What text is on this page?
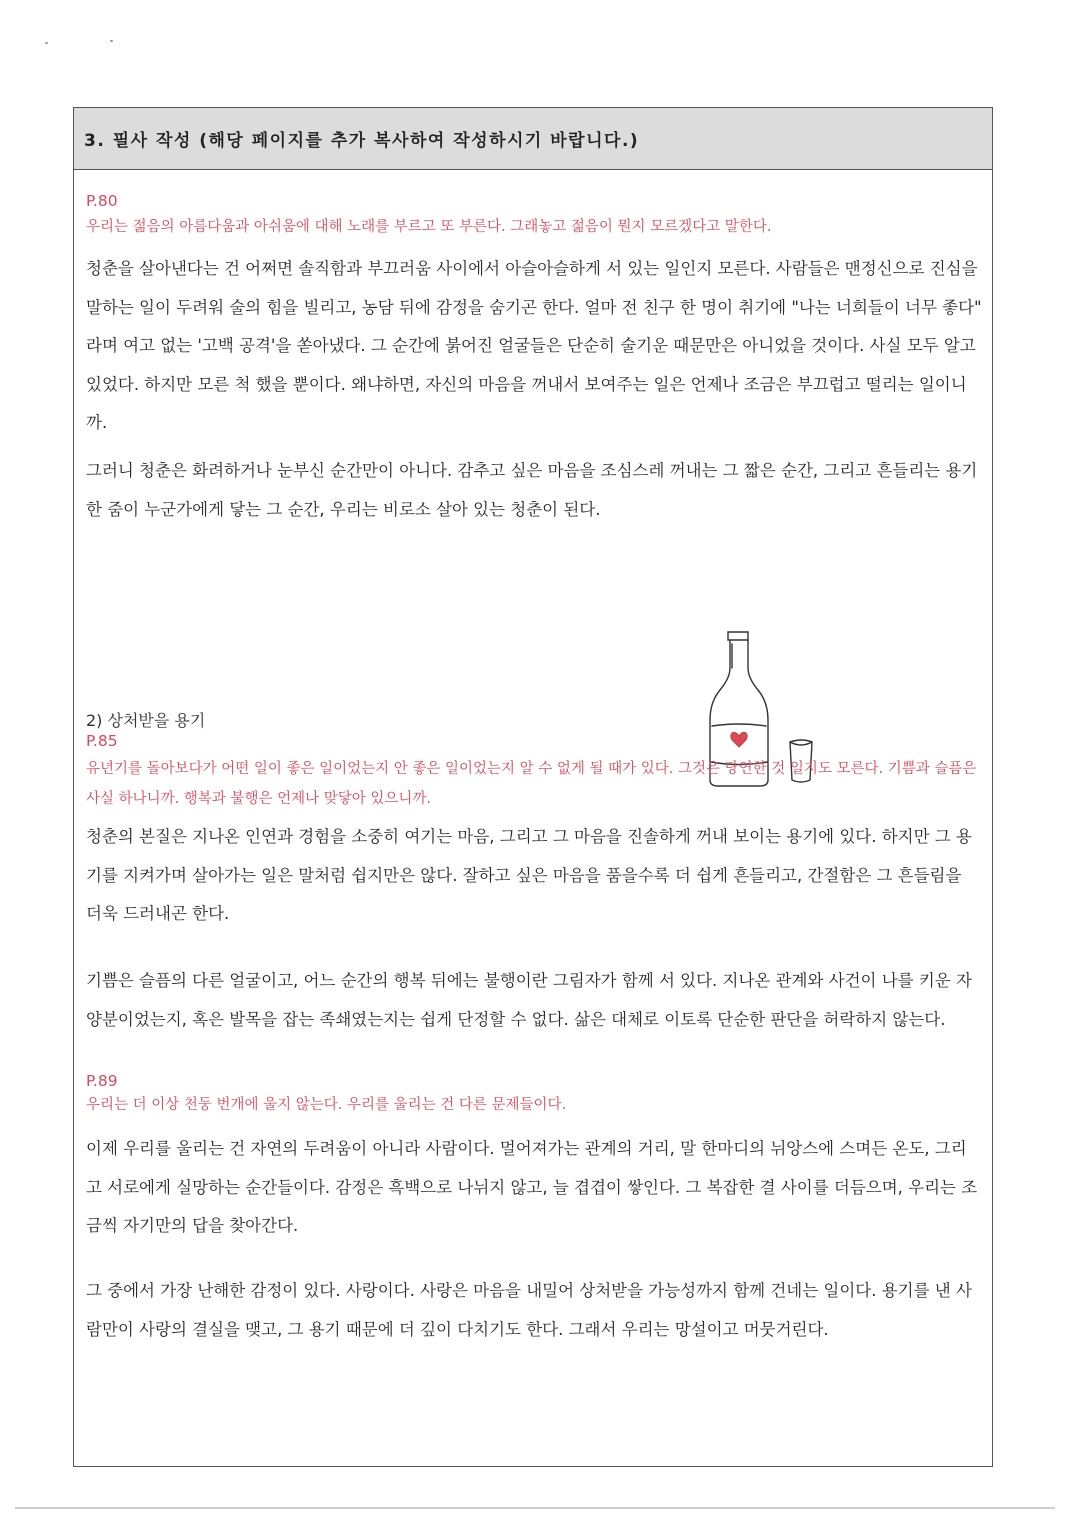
3. 필사 작성 (해당 페이지를 추가 복사하여 작성하시기 바랍니다.)

P.80

우리는 젊음의 아름다움과 아쉬움에 대해 노래를 부르고 또 부른다. 그래놓고 젊음이 뭔지 모르겠다고 말한다.

청춘을 살아낸다는 건 어쩌면 솔직함과 부끄러움 사이에서 아슬아슬하게 서 있는 일인지 모른다. 사람들은 맨정신으로 진심을 말하는 일이 두려워 술의 힘을 빌리고, 농담 뒤에 감정을 숨기곤 한다. 얼마 전 친구 한 명이 취기에 "나는 너희들이 너무 좋다" 라며 여고 없는 '고백 공격'을 쏟아냈다. 그 순간에 붉어진 얼굴들은 단순히 술기운 때문만은 아니었을 것이다. 사실 모두 알고 있었다. 하지만 모른 척 했을 뿐이다. 왜냐하면, 자신의 마음을 꺼내서 보여주는 일은 언제나 조금은 부끄럽고 떨리는 일이니까.

그러니 청춘은 화려하거나 눈부신 순간만이 아니다. 감추고 싶은 마음을 조심스레 꺼내는 그 짧은 순간, 그리고 흔들리는 용기 한 줌이 누군가에게 닿는 그 순간, 우리는 비로소 살아 있는 청춘이 된다.

2) 상처받을 용기

P.85

유년기를 돌아보다가 어떤 일이 좋은 일이었는지 안 좋은 일이었는지 알 수 없게 될 때가 있다. 그것은 당연한 것 일지도 모른다. 기쁨과 슬픔은 사실 하나니까. 행복과 불행은 언제나 맞닿아 있으니까.

청춘의 본질은 지나온 인연과 경험을 소중히 여기는 마음, 그리고 그 마음을 진솔하게 꺼내 보이는 용기에 있다. 하지만 그 용기를 지켜가며 살아가는 일은 말처럼 쉽지만은 않다. 잘하고 싶은 마음을 품을수록 더 쉽게 흔들리고, 간절함은 그 흔들림을 더욱 드러내곤 한다.

기쁨은 슬픔의 다른 얼굴이고, 어느 순간의 행복 뒤에는 불행이란 그림자가 함께 서 있다. 지나온 관계와 사건이 나를 키운 자양분이었는지, 혹은 발목을 잡는 족쇄였는지는 쉽게 단정할 수 없다. 삶은 대체로 이토록 단순한 판단을 허락하지 않는다.

P.89

우리는 더 이상 천둥 번개에 울지 않는다. 우리를 울리는 건 다른 문제들이다.

이제 우리를 울리는 건 자연의 두려움이 아니라 사람이다. 멀어져가는 관계의 거리, 말 한마디의 뉘앙스에 스며든 온도, 그리고 서로에게 실망하는 순간들이다. 감정은 흑백으로 나뉘지 않고, 늘 겹겹이 쌓인다. 그 복잡한 결 사이를 더듬으며, 우리는 조금씩 자기만의 답을 찾아간다.

그 중에서 가장 난해한 감정이 있다. 사랑이다. 사랑은 마음을 내밀어 상처받을 가능성까지 함께 건네는 일이다. 용기를 낸 사람만이 사랑의 결실을 맺고, 그 용기 때문에 더 깊이 다치기도 한다. 그래서 우리는 망설이고 머뭇거린다.
